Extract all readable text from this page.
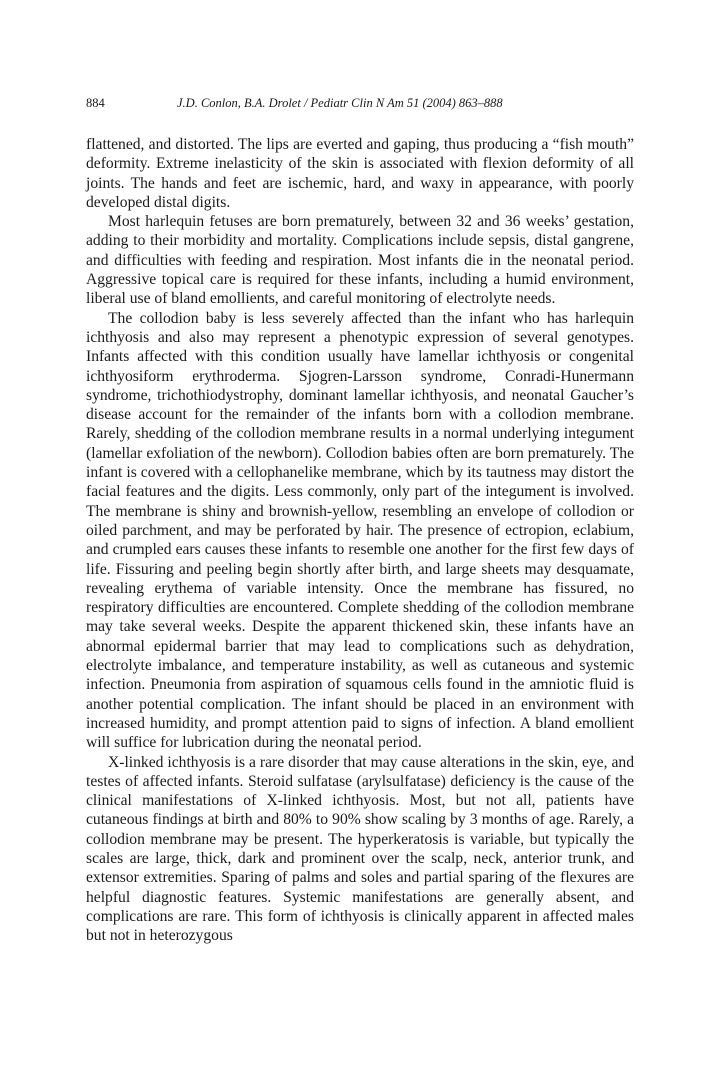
884	J.D. Conlon, B.A. Drolet / Pediatr Clin N Am 51 (2004) 863–888

flattened, and distorted. The lips are everted and gaping, thus producing a “fish mouth” deformity. Extreme inelasticity of the skin is associated with flexion deformity of all joints. The hands and feet are ischemic, hard, and waxy in appearance, with poorly developed distal digits.

Most harlequin fetuses are born prematurely, between 32 and 36 weeks’ gestation, adding to their morbidity and mortality. Complications include sepsis, distal gangrene, and difficulties with feeding and respiration. Most infants die in the neonatal period. Aggressive topical care is required for these infants, including a humid environment, liberal use of bland emollients, and careful monitoring of electrolyte needs.

The collodion baby is less severely affected than the infant who has harlequin ichthyosis and also may represent a phenotypic expression of several genotypes. Infants affected with this condition usually have lamellar ichthyosis or congenital ichthyosiform erythroderma. Sjogren-Larsson syndrome, Conradi-Hunermann syndrome, trichothiodystrophy, dominant lamellar ichthyosis, and neonatal Gaucher’s disease account for the remainder of the infants born with a collodion membrane. Rarely, shedding of the collodion membrane results in a normal underlying integument (lamellar exfoliation of the newborn). Collodion babies often are born prematurely. The infant is covered with a cellophanelike membrane, which by its tautness may distort the facial features and the digits. Less commonly, only part of the integument is involved. The membrane is shiny and brownish-yellow, resembling an envelope of collodion or oiled parchment, and may be perforated by hair. The presence of ectropion, eclabium, and crumpled ears causes these infants to resemble one another for the first few days of life. Fissuring and peeling begin shortly after birth, and large sheets may desquamate, revealing erythema of variable intensity. Once the membrane has fissured, no respiratory difficulties are encountered. Complete shedding of the collodion membrane may take several weeks. Despite the apparent thickened skin, these infants have an abnormal epidermal barrier that may lead to complications such as dehydration, electrolyte imbalance, and temperature instability, as well as cutaneous and systemic infection. Pneumonia from aspiration of squamous cells found in the amniotic fluid is another potential complication. The infant should be placed in an environment with increased humidity, and prompt attention paid to signs of infection. A bland emollient will suffice for lubrication during the neonatal period.

X-linked ichthyosis is a rare disorder that may cause alterations in the skin, eye, and testes of affected infants. Steroid sulfatase (arylsulfatase) deficiency is the cause of the clinical manifestations of X-linked ichthyosis. Most, but not all, patients have cutaneous findings at birth and 80% to 90% show scaling by 3 months of age. Rarely, a collodion membrane may be present. The hyperkeratosis is variable, but typically the scales are large, thick, dark and prominent over the scalp, neck, anterior trunk, and extensor extremities. Sparing of palms and soles and partial sparing of the flexures are helpful diagnostic features. Systemic manifestations are generally absent, and complications are rare. This form of ichthyosis is clinically apparent in affected males but not in heterozygous
